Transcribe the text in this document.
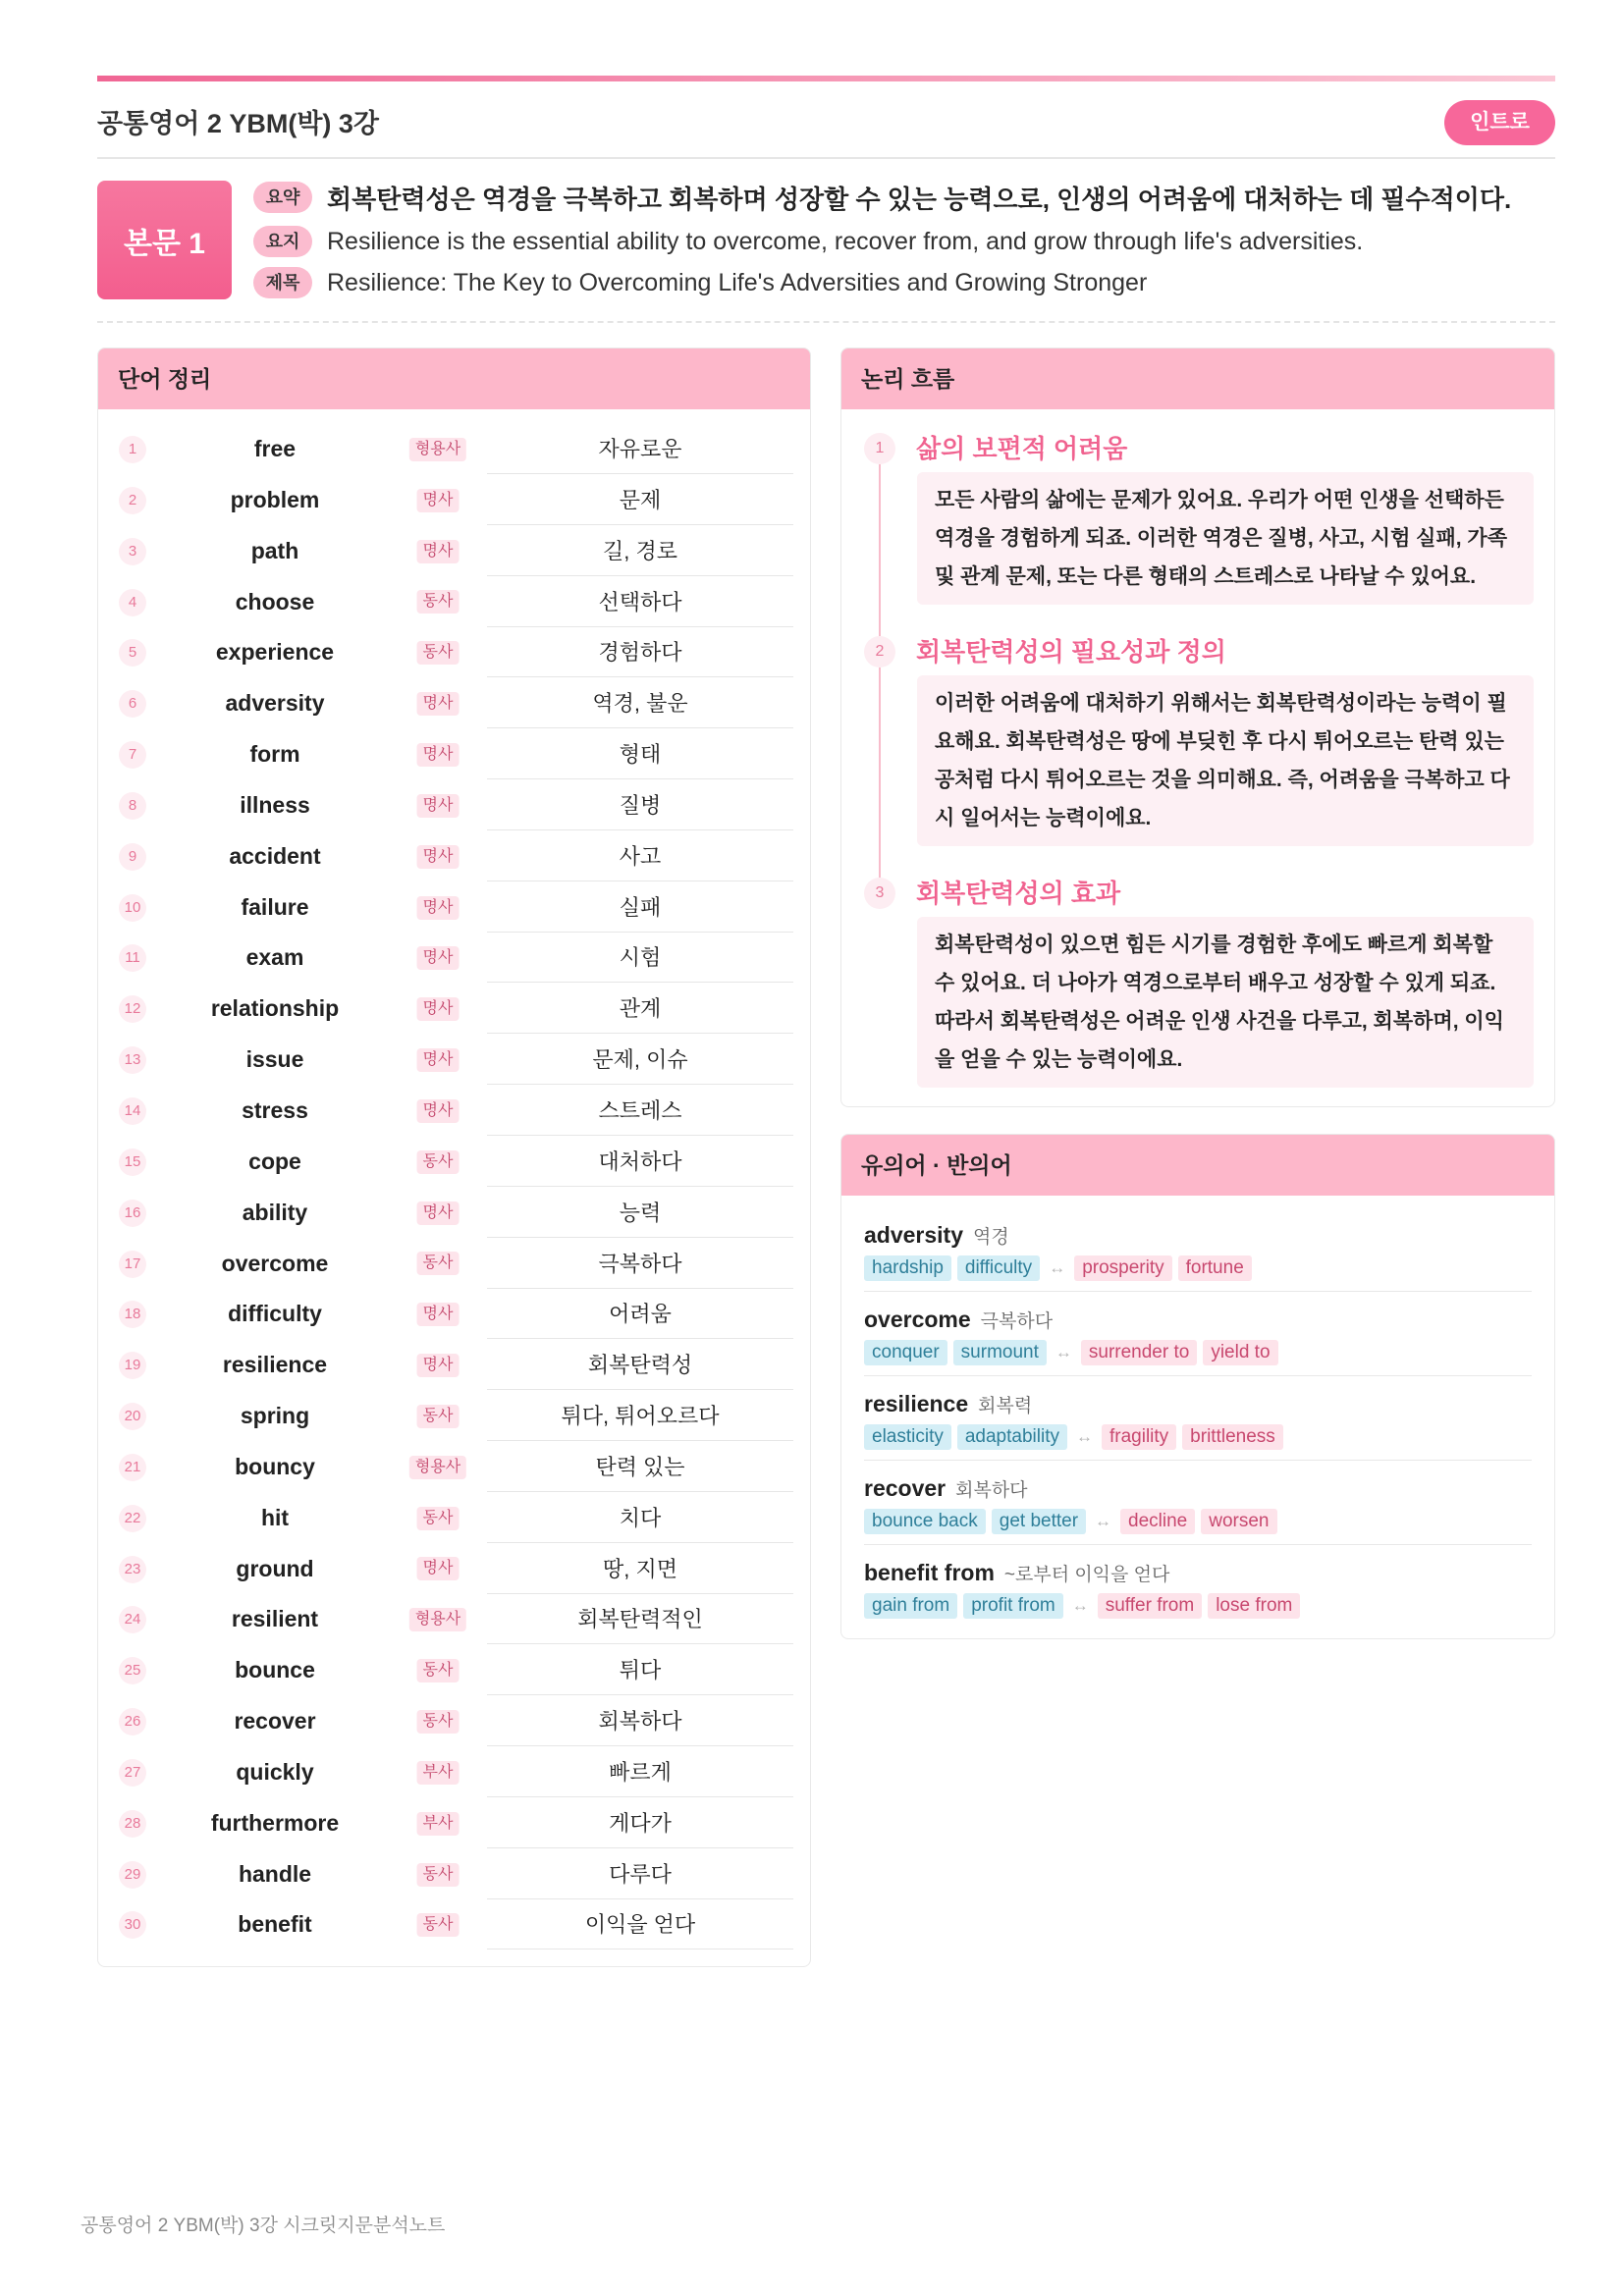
공통영어 2 YBM(박) 3강	인트로
본문 1
요약	회복탄력성은 역경을 극복하고 회복하며 성장할 수 있는 능력으로, 인생의 어려움에 대처하는 데 필수적이다.
요지	Resilience is the essential ability to overcome, recover from, and grow through life's adversities.
제목	Resilience: The Key to Overcoming Life's Adversities and Growing Stronger
단어 정리
1	free	형용사	자유로운
2	problem	명사	문제
3	path	명사	길, 경로
4	choose	동사	선택하다
5	experience	동사	경험하다
6	adversity	명사	역경, 불운
7	form	명사	형태
8	illness	명사	질병
9	accident	명사	사고
10	failure	명사	실패
11	exam	명사	시험
12	relationship	명사	관계
13	issue	명사	문제, 이슈
14	stress	명사	스트레스
15	cope	동사	대처하다
16	ability	명사	능력
17	overcome	동사	극복하다
18	difficulty	명사	어려움
19	resilience	명사	회복탄력성
20	spring	동사	튀다, 튀어오르다
21	bouncy	형용사	탄력 있는
22	hit	동사	치다
23	ground	명사	땅, 지면
24	resilient	형용사	회복탄력적인
25	bounce	동사	튀다
26	recover	동사	회복하다
27	quickly	부사	빠르게
28	furthermore	부사	게다가
29	handle	동사	다루다
30	benefit	동사	이익을 얻다
논리 흐름
1	삶의 보편적 어려움
모든 사람의 삶에는 문제가 있어요. 우리가 어떤 인생을 선택하든 역경을 경험하게 되죠. 이러한 역경은 질병, 사고, 시험 실패, 가족 및 관계 문제, 또는 다른 형태의 스트레스로 나타날 수 있어요.
2	회복탄력성의 필요성과 정의
이러한 어려움에 대처하기 위해서는 회복탄력성이라는 능력이 필요해요. 회복탄력성은 땅에 부딪힌 후 다시 튀어오르는 탄력 있는 공처럼 다시 튀어오르는 것을 의미해요. 즉, 어려움을 극복하고 다시 일어서는 능력이에요.
3	회복탄력성의 효과
회복탄력성이 있으면 힘든 시기를 경험한 후에도 빠르게 회복할 수 있어요. 더 나아가 역경으로부터 배우고 성장할 수 있게 되죠. 따라서 회복탄력성은 어려운 인생 사건을 다루고, 회복하며, 이익을 얻을 수 있는 능력이에요.
유의어 · 반의어
adversity 역경
hardship	difficulty	↔ prosperity	fortune
overcome 극복하다
conquer	surmount	↔ surrender to	yield to
resilience 회복력
elasticity	adaptability	↔ fragility	brittleness
recover 회복하다
bounce back	get better	↔ decline	worsen
benefit from ~로부터 이익을 얻다
gain from	profit from	↔ suffer from	lose from
공통영어 2 YBM(박) 3강 시크릿지문분석노트
